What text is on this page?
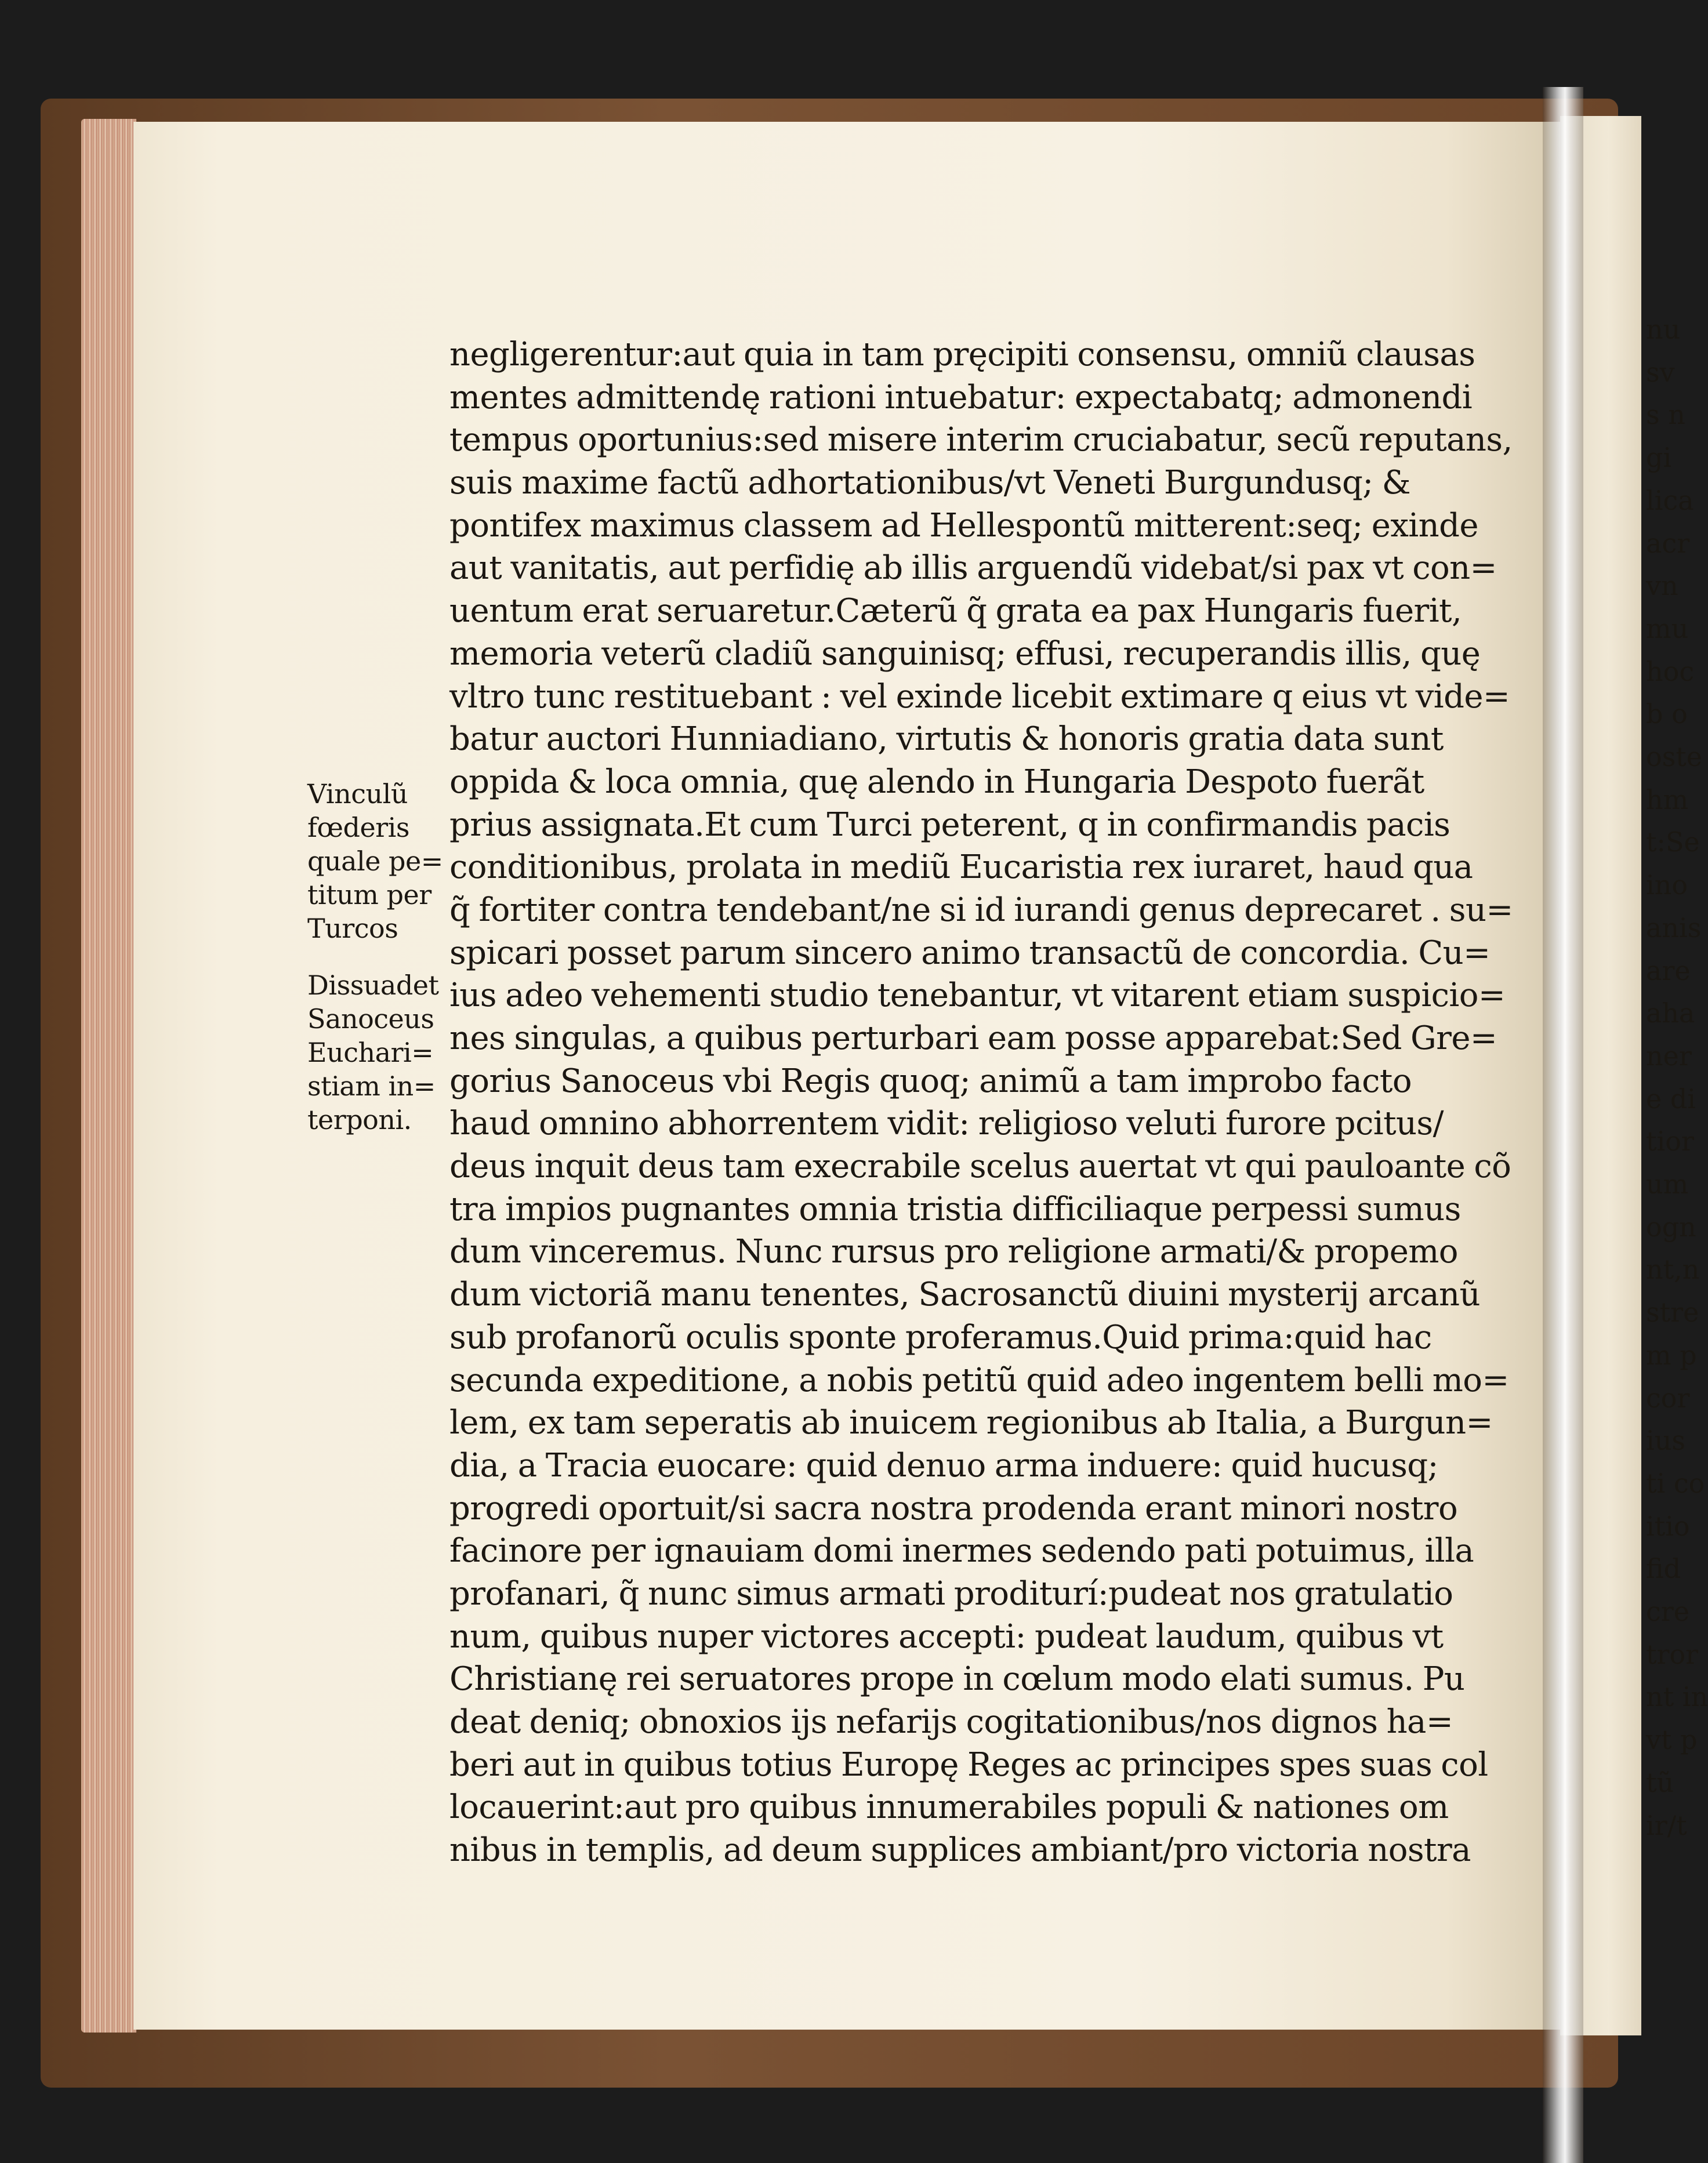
nu
sv
s n
gi
lica
acr
vn
mu
hoc
b o
oste
hm
t:Se
ino
anis
are
aha
ner
e di
tior
um
ogn
nt,n
stre
m p
cor
ius
ti co
itio
fid
cre
tror
nt in
vt p
tũ
ir/t
Vinculũ
fœderis
quale pe=
titum per
Turcos
Dissuadet
Sanoceus
Euchari=
stiam in=
terponi.
negligerentur:aut quia in tam pręcipiti consensu, omniũ clausas
mentes admittendę rationi intuebatur: expectabatq; admonendi
tempus oportunius:sed misere interim cruciabatur, secũ reputans,
suis maxime factũ adhortationibus/vt Veneti Burgundusq; &
pontifex maximus classem ad Hellespontũ mitterent:seq; exinde
aut vanitatis, aut perfidię ab illis arguendũ videbat/si pax vt con=
uentum erat seruaretur.Cæterũ q̃ grata ea pax Hungaris fuerit,
memoria veterũ cladiũ sanguinisq; effusi, recuperandis illis, quę
vltro tunc restituebant : vel exinde licebit extimare q eius vt vide=
batur auctori Hunniadiano, virtutis & honoris gratia data sunt
oppida & loca omnia, quę alendo in Hungaria Despoto fuerãt
prius assignata.Et cum Turci peterent, q in confirmandis pacis
conditionibus, prolata in mediũ Eucaristia rex iuraret, haud qua
q̃ fortiter contra tendebant/ne si id iurandi genus deprecaret . su=
spicari posset parum sincero animo transactũ de concordia. Cu=
ius adeo vehementi studio tenebantur, vt vitarent etiam suspicio=
nes singulas, a quibus perturbari eam posse apparebat:Sed Gre=
gorius Sanoceus vbi Regis quoq; animũ a tam improbo facto
haud omnino abhorrentem vidit: religioso veluti furore pcitus/
deus inquit deus tam execrabile scelus auertat vt qui pauloante cõ
tra impios pugnantes omnia tristia difficiliaque perpessi sumus
dum vinceremus. Nunc rursus pro religione armati/& propemo
dum victoriã manu tenentes, Sacrosanctũ diuini mysterij arcanũ
sub profanorũ oculis sponte proferamus.Quid prima:quid hac
secunda expeditione, a nobis petitũ quid adeo ingentem belli mo=
lem, ex tam seperatis ab inuicem regionibus ab Italia, a Burgun=
dia, a Tracia euocare: quid denuo arma induere: quid hucusq;
progredi oportuit/si sacra nostra prodenda erant minori nostro
facinore per ignauiam domi inermes sedendo pati potuimus, illa
profanari, q̃ nunc simus armati proditurí:pudeat nos gratulatio
num, quibus nuper victores accepti: pudeat laudum, quibus vt
Christianę rei seruatores prope in cœlum modo elati sumus. Pu
deat deniq; obnoxios ijs nefarijs cogitationibus/nos dignos ha=
beri aut in quibus totius Europę Reges ac principes spes suas col
locauerint:aut pro quibus innumerabiles populi & nationes om
nibus in templis, ad deum supplices ambiant/pro victoria nostra
